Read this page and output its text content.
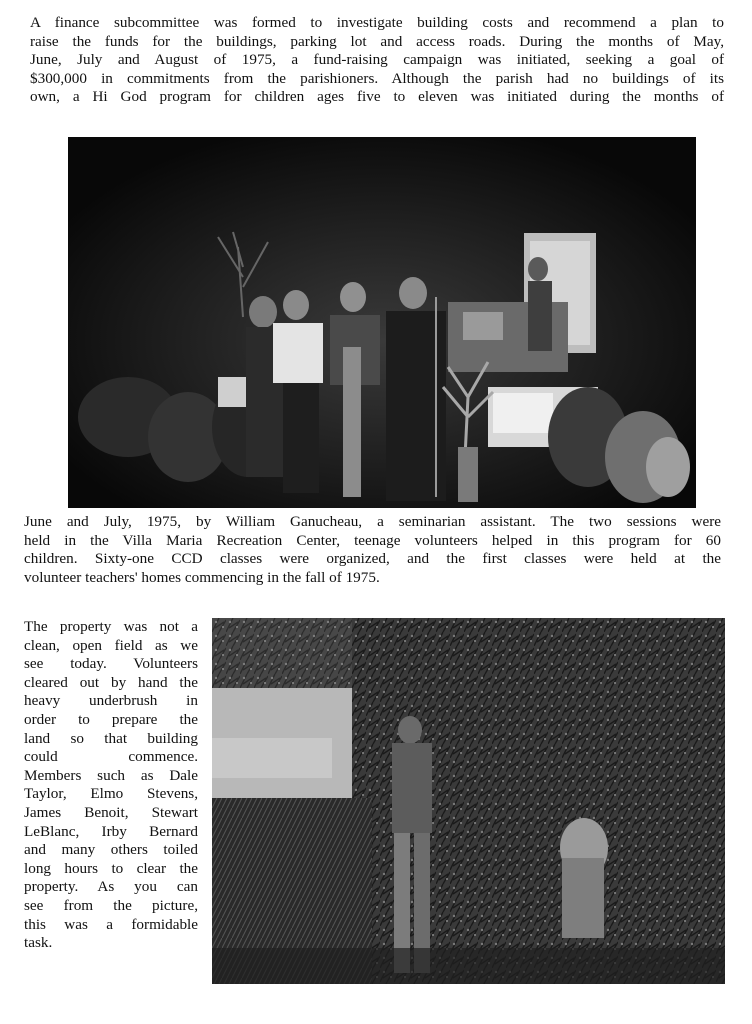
A finance subcommittee was formed to investigate building costs and recommend a plan to
raise the funds for the buildings, parking lot and access roads. During the months of May,
June, July and August of 1975, a fund-raising campaign was initiated, seeking a goal of
$300,000 in commitments from the parishioners. Although the parish had no buildings of its
own, a Hi God program for children ages five to eleven was initiated during the months of
June and July, 1975, by William Ganucheau, a seminarian assistant. The two sessions were
held in the Villa Maria Recreation Center, teenage volunteers helped in this program for 60
children. Sixty-one CCD classes were organized, and the first classes were held at the
volunteer teachers' homes commencing in the fall of 1975.
The property was not a
clean, open field as we
see today. Volunteers
cleared out by hand the
heavy underbrush in
order to prepare the
land so that building
could commence.
Members such as Dale
Taylor, Elmo Stevens,
James Benoit, Stewart
LeBlanc, Irby Bernard
and many others toiled
long hours to clear the
property. As you can
see from the picture,
this was a formidable
task.
